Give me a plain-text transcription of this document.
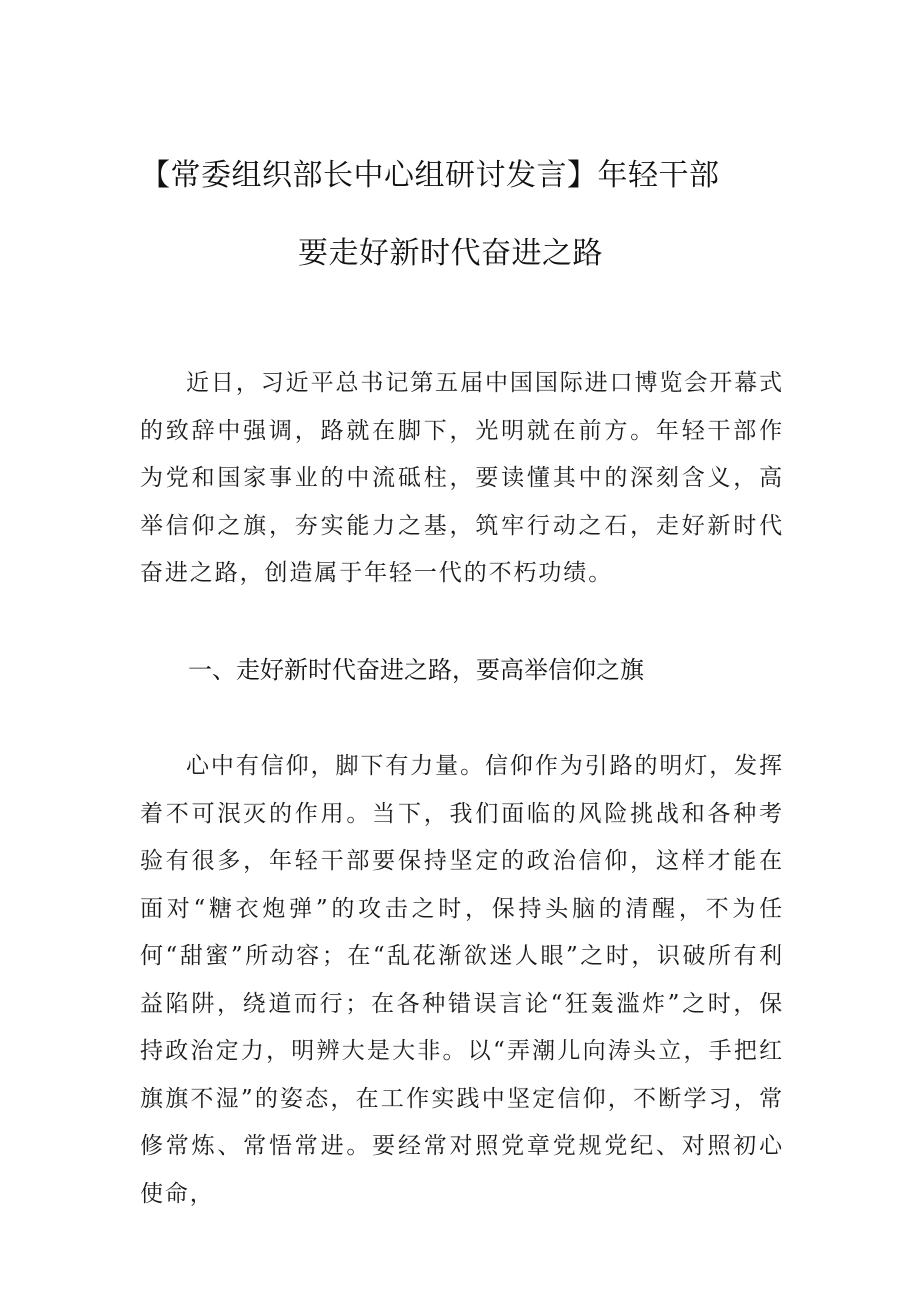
【常委组织部长中心组研讨发言】年轻干部
要走好新时代奋进之路

近日，习近平总书记第五届中国国际进口博览会开幕式的致辞中强调，路就在脚下，光明就在前方。年轻干部作为党和国家事业的中流砥柱，要读懂其中的深刻含义，高举信仰之旗，夯实能力之基，筑牢行动之石，走好新时代奋进之路，创造属于年轻一代的不朽功绩。

一、走好新时代奋进之路，要高举信仰之旗

心中有信仰，脚下有力量。信仰作为引路的明灯，发挥着不可泯灭的作用。当下，我们面临的风险挑战和各种考验有很多，年轻干部要保持坚定的政治信仰，这样才能在面对“糖衣炮弹”的攻击之时，保持头脑的清醒，不为任何“甜蜜”所动容；在“乱花渐欲迷人眼”之时，识破所有利益陷阱，绕道而行；在各种错误言论“狂轰滥炸”之时，保持政治定力，明辨大是大非。以“弄潮儿向涛头立，手把红旗旗不湿”的姿态，在工作实践中坚定信仰，不断学习，常修常炼、常悟常进。要经常对照党章党规党纪、对照初心使命，
